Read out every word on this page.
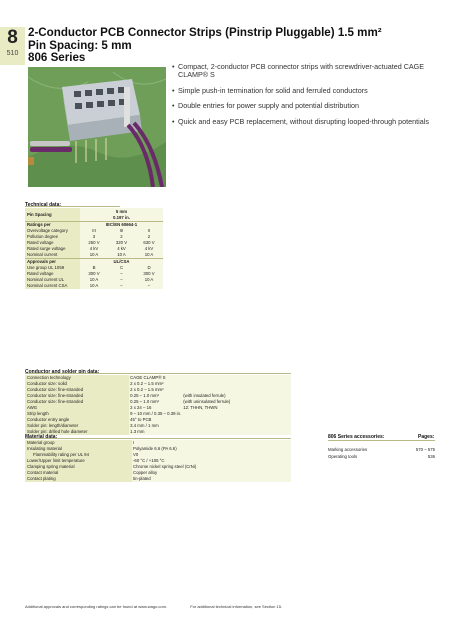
8
510
2-Conductor PCB Connector Strips (Pinstrip Pluggable) 1.5 mm²
Pin Spacing: 5 mm
806 Series
• Compact, 2-conductor PCB connector strips with screwdriver-actuated CAGE CLAMP® S
• Simple push-in termination for solid and ferruled conductors
• Double entries for power supply and potential distribution
• Quick and easy PCB replacement, without disrupting looped-through potentials
Technical data:
Pin Spacing	5 mm
0.197 in.		

Ratings per	IEC/EN 60664-1		
Overvoltage category	III	III	II
Pollution degree	3	2	2
Rated voltage	250 V	320 V	630 V
Rated surge voltage	4 kV	4 kV	4 kV
Nominal current	10 A	10 A	10 A
Approvals per	UL/CSA		
Use group UL 1059	B	C	D
Rated voltage	300 V	–	300 V
Nominal current UL	10 A	–	10 A
Nominal current CSA	10 A	–	–
Conductor and solder pin data:
Connection technology	CAGE CLAMP® S	
Conductor size: solid	2 x 0.2 – 1.5 mm²	
Conductor size: fine-stranded	2 x 0.2 – 1.5 mm²	
Conductor size: fine-stranded	0.25 – 1.0 mm²	(with insulated ferrule)
Conductor size: fine-stranded	0.25 – 1.0 mm²	(with uninsulated ferrule)
AWG	2 x 24 – 16	12: THHN, THWN
Strip length	9 – 10 mm / 0.35 – 0.39 in.	
Conductor entry angle	45° to PCB	
Solder pin: length/diameter	3.4 mm / 1 mm	
Solder pin: drilled hole diameter	1.3 mm	
Material data:
Material group	I
Insulating material	Polyamide 6.6 (PA 6.6)
Flammability rating per UL 94	V0
Lower/Upper limit temperature	-60 °C / +105 °C
Clamping spring material	Chrome nickel spring steel (CrNi)
Contact material	Copper alloy
Contact plating	tin-plated
806 Series accessories:	Pages:
Marking accessories	570 – 575
Operating tools	536
Additional approvals and corresponding ratings can be found at www.wago.com.	For additional technical information, see Section 15.
